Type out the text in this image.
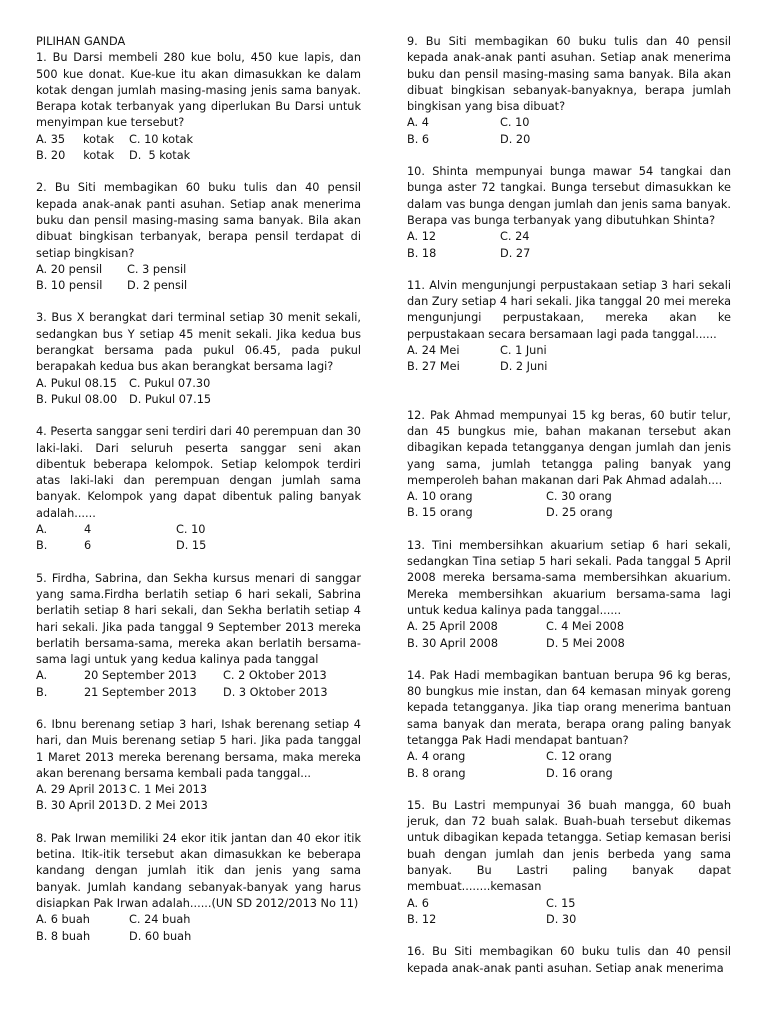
PILIHAN GANDA
1. Bu Darsi membeli 280 kue bolu, 450 kue lapis, dan 500 kue donat. Kue-kue itu akan dimasukkan ke dalam kotak dengan jumlah masing-masing jenis sama banyak. Berapa kotak terbanyak yang diperlukan Bu Darsi untuk menyimpan kue tersebut?
A. 35     kotak	C. 10 kotak
B. 20     kotak	D.  5 kotak
2. Bu Siti membagikan 60 buku tulis dan 40 pensil kepada anak-anak panti asuhan. Setiap anak menerima buku dan pensil masing-masing sama banyak. Bila akan dibuat bingkisan terbanyak, berapa pensil terdapat di setiap bingkisan?
A. 20 pensil	C. 3 pensil
B. 10 pensil	D. 2 pensil
3. Bus X berangkat dari terminal setiap 30 menit sekali, sedangkan bus Y setiap 45 menit sekali. Jika kedua bus berangkat bersama pada pukul 06.45, pada pukul berapakah kedua bus akan berangkat bersama lagi?
A. Pukul 08.15	C. Pukul 07.30
B. Pukul 08.00	D. Pukul 07.15
4. Peserta sanggar seni terdiri dari 40 perempuan dan 30 laki-laki. Dari seluruh peserta sanggar seni akan dibentuk beberapa kelompok. Setiap kelompok terdiri atas laki-laki dan perempuan dengan jumlah sama banyak. Kelompok yang dapat dibentuk paling banyak adalah......
A.	4	C. 10
B.	6	D. 15
5. Firdha, Sabrina, dan Sekha kursus menari di sanggar yang sama.Firdha berlatih setiap 6 hari sekali, Sabrina berlatih setiap 8 hari sekali, dan Sekha berlatih setiap 4 hari sekali. Jika pada tanggal 9 September 2013 mereka berlatih bersama-sama, mereka akan berlatih bersama-sama lagi untuk yang kedua kalinya pada tanggal
A.	20 September 2013	C. 2 Oktober 2013
B.	21 September 2013	D. 3 Oktober 2013
6. Ibnu berenang setiap 3 hari, Ishak berenang setiap 4 hari, dan Muis berenang setiap 5 hari. Jika pada tanggal 1 Maret 2013 mereka berenang bersama, maka mereka akan berenang bersama kembali pada tanggal...
A. 29 April 2013 C. 1 Mei 2013
B. 30 April 2013 D. 2 Mei 2013
8. Pak Irwan memiliki 24 ekor itik jantan dan 40 ekor itik betina. Itik-itik tersebut akan dimasukkan ke beberapa kandang dengan jumlah itik dan jenis yang sama banyak. Jumlah kandang sebanyak-banyak yang harus disiapkan Pak Irwan adalah......(UN SD 2012/2013 No 11)
A. 6 buah	C. 24 buah
B. 8 buah	D. 60 buah
9. Bu Siti membagikan 60 buku tulis dan 40 pensil kepada anak-anak panti asuhan. Setiap anak menerima buku dan pensil masing-masing sama banyak. Bila akan dibuat bingkisan sebanyak-banyaknya, berapa jumlah bingkisan yang bisa dibuat?
A. 4	C. 10
B. 6	D. 20
10. Shinta mempunyai bunga mawar 54 tangkai dan bunga aster 72 tangkai. Bunga tersebut dimasukkan ke dalam vas bunga dengan jumlah dan jenis sama banyak. Berapa vas bunga terbanyak yang dibutuhkan Shinta?
A. 12	C. 24
B. 18	D. 27
11. Alvin mengunjungi perpustakaan setiap 3 hari sekali dan Zury setiap 4 hari sekali. Jika tanggal 20 mei mereka mengunjungi perpustakaan, mereka akan ke perpustakaan secara bersamaan lagi pada tanggal......
A. 24 Mei	C. 1 Juni
B. 27 Mei	D. 2 Juni
12. Pak Ahmad mempunyai 15 kg beras, 60 butir telur, dan 45 bungkus mie, bahan makanan tersebut akan dibagikan kepada tetangganya dengan jumlah dan jenis yang sama, jumlah tetangga paling banyak yang memperoleh bahan makanan dari Pak Ahmad adalah....
A. 10 orang	C. 30 orang
B. 15 orang	D. 25 orang
13. Tini membersihkan akuarium setiap 6 hari sekali, sedangkan Tina setiap 5 hari sekali. Pada tanggal 5 April 2008 mereka bersama-sama membersihkan akuarium. Mereka membersihkan akuarium bersama-sama lagi untuk kedua kalinya pada tanggal......
A. 25 April 2008	C. 4 Mei 2008
B. 30 April 2008	D. 5 Mei 2008
14. Pak Hadi membagikan bantuan berupa 96 kg beras, 80 bungkus mie instan, dan 64 kemasan minyak goreng kepada tetangganya. Jika tiap orang menerima bantuan sama banyak dan merata, berapa orang paling banyak tetangga Pak Hadi mendapat bantuan?
A. 4 orang	C. 12 orang
B. 8 orang	D. 16 orang
15. Bu Lastri mempunyai 36 buah mangga, 60 buah jeruk, dan 72 buah salak. Buah-buah tersebut dikemas untuk dibagikan kepada tetangga. Setiap kemasan berisi buah dengan jumlah dan jenis berbeda yang sama banyak. Bu Lastri paling banyak dapat membuat........kemasan
A. 6	C. 15
B. 12	D. 30
16. Bu Siti membagikan 60 buku tulis dan 40 pensil kepada anak-anak panti asuhan. Setiap anak menerima
